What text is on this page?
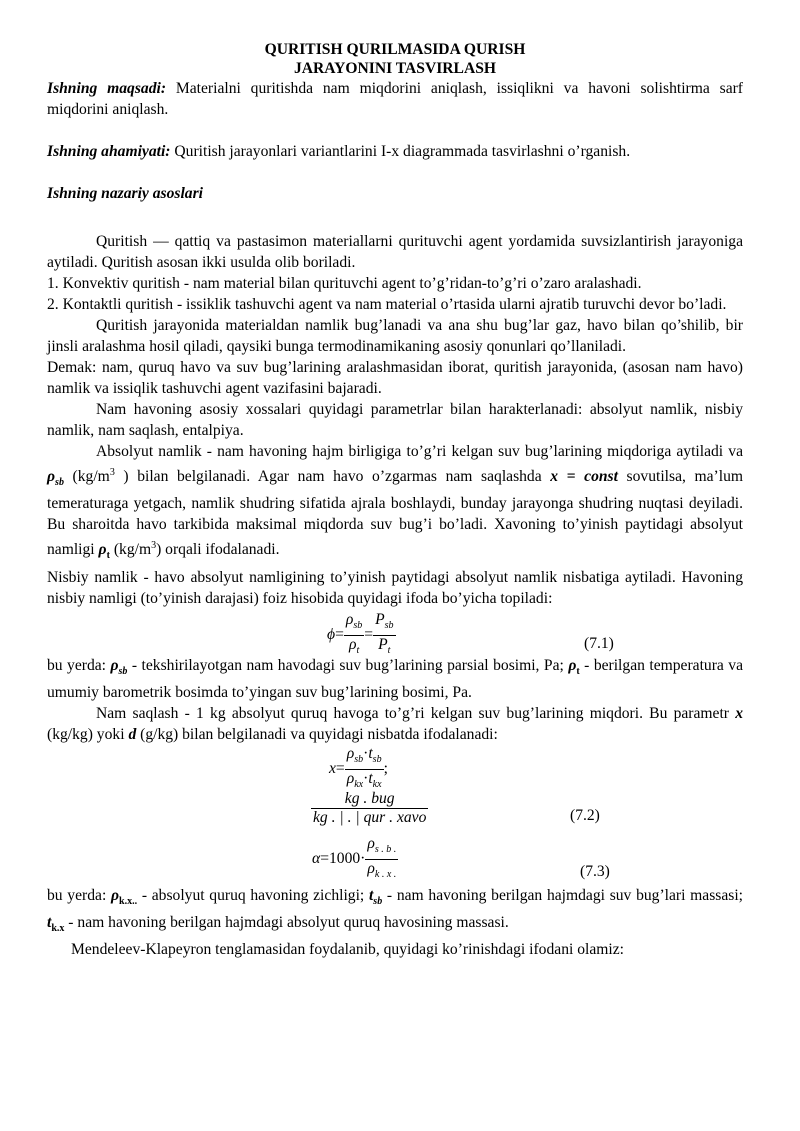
QURITISH QURILMASIDA QURISH
JARAYONINI TASVIRLASH

Ishning maqsadi: Materialni quritishda nam miqdorini aniqlash, issiqlikni va havoni solishtirma sarf miqdorini aniqlash.

Ishning ahamiyati: Quritish jarayonlari variantlarini I-x diagrammada tasvirlashni o’rganish.

Ishning nazariy asoslari

Quritish — qattiq va pastasimon materiallarni qurituvchi agent yordamida suvsizlantirish jarayoniga aytiladi. Quritish asosan ikki usulda olib boriladi.

1. Konvektiv quritish - nam material bilan qurituvchi agent to’g’ridan-to’g’ri o’zaro aralashadi.

2. Kontaktli quritish - issiklik tashuvchi agent va nam material o’rtasida ularni ajratib turuvchi devor bo’ladi.

Quritish jarayonida materialdan namlik bug’lanadi va ana shu bug’lar gaz, havo bilan qo’shilib, bir jinsli aralashma hosil qiladi, qaysiki bunga termodinamikaning asosiy qonunlari qo’llaniladi.

Demak: nam, quruq havo va suv bug’larining aralashmasidan iborat, quritish jarayonida, (asosan nam havo) namlik va issiqlik tashuvchi agent vazifasini bajaradi.

Nam havoning asosiy xossalari quyidagi parametrlar bilan harakterlanadi: absolyut namlik, nisbiy namlik, nam saqlash, entalpiya.

Absolyut namlik - nam havoning hajm birligiga to’g’ri kelgan suv bug’larining miqdoriga aytiladi va $\rho_{sb}$ ($kg/m^3$ ) bilan belgilanadi. Agar nam havo o’zgarmas nam saqlashda x = const sovutilsa, ma’lum temeraturaga yetgach, namlik shudring sifatida ajrala boshlaydi, bunday jarayonga shudring nuqtasi deyiladi. Bu sharoitda havo tarkibida maksimal miqdorda suv bug’i bo’ladi. Xavoning to’yinish paytidagi absolyut namligi $\rho_t$ $(kg/m^3)$ orqali ifodalanadi.

Nisbiy namlik - havo absolyut namligining to’yinish paytidagi absolyut namlik nisbatiga aytiladi. Havoning nisbiy namligi (to’yinish darajasi) foiz hisobida quyidagi ifoda bo’yicha topiladi:

$\phi= \frac{\rho_{sb}}{\rho_t} = \frac{P_{sb}}{P_t}$	(7.1)

bu yerda: $\rho_{sb}$ - tekshirilayotgan nam havodagi suv bug’larining parsial bosimi, Pa; $\rho_t$ - berilgan temperatura va umumiy barometrik bosimda to’yingan suv bug’larining bosimi, Pa.

Nam saqlash - 1 kg absolyut quruq havoga to’g’ri kelgan suv bug’larining miqdori. Bu parametr x (kg/kg) yoki d (g/kg) bilan belgilanadi va quyidagi nisbatda ifodalanadi:

$x= \frac{\rho_{sb}\cdot t_{sb}}{\rho_{kx}\cdot t_{kx}}$ ;
$\frac{\text{kg . bug}}{\text{kg . | . | qur . xavo}}$	(7.2)
$\alpha=1000\cdot \frac{\rho_{s . b .}}{\rho_{k . x .}}$	(7.3)

bu yerda: $\rho_{k.x..}$ - absolyut quruq havoning zichligi; $t_{sb}$ - nam havoning berilgan hajmdagi suv bug’lari massasi; $t_{k.x}$ - nam havoning berilgan hajmdagi absolyut quruq havosining massasi.

Mendeleev-Klapeyron tenglamasidan foydalanib, quyidagi ko’rinishdagi ifodani olamiz:
